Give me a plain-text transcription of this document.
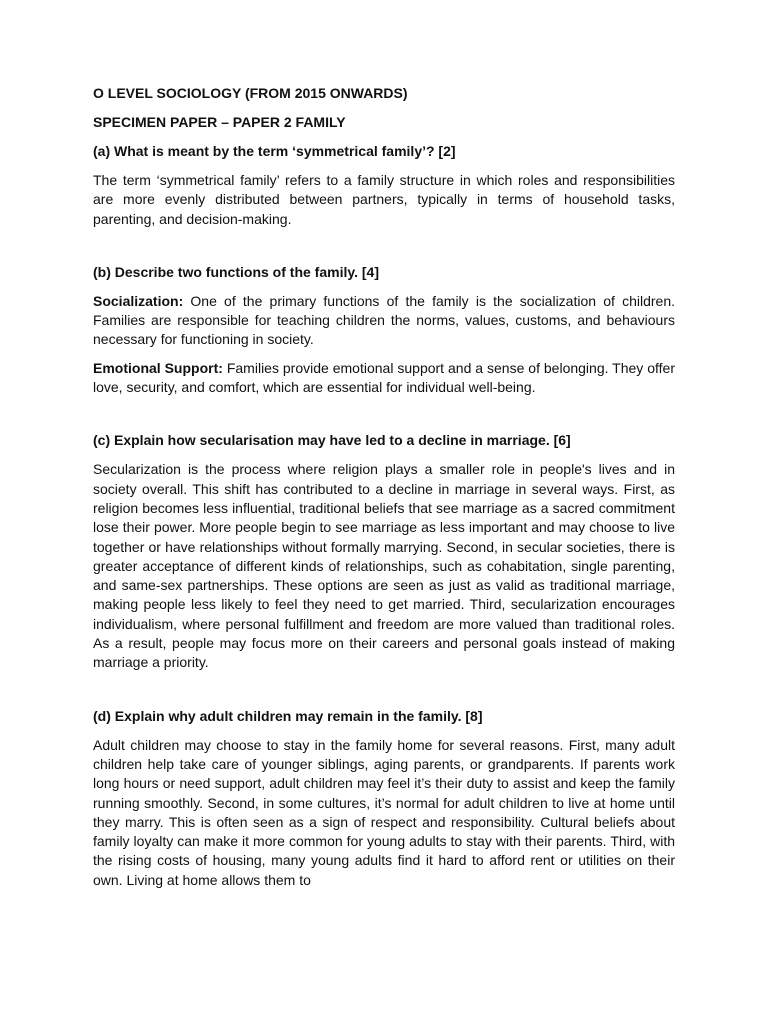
O LEVEL SOCIOLOGY (FROM 2015 ONWARDS)
SPECIMEN PAPER – PAPER 2 FAMILY
(a) What is meant by the term ‘symmetrical family’? [2]
The term ‘symmetrical family’ refers to a family structure in which roles and responsibilities are more evenly distributed between partners, typically in terms of household tasks, parenting, and decision-making.
(b) Describe two functions of the family. [4]
Socialization: One of the primary functions of the family is the socialization of children. Families are responsible for teaching children the norms, values, customs, and behaviours necessary for functioning in society.
Emotional Support: Families provide emotional support and a sense of belonging. They offer love, security, and comfort, which are essential for individual well-being.
(c) Explain how secularisation may have led to a decline in marriage. [6]
Secularization is the process where religion plays a smaller role in people's lives and in society overall. This shift has contributed to a decline in marriage in several ways. First, as religion becomes less influential, traditional beliefs that see marriage as a sacred commitment lose their power. More people begin to see marriage as less important and may choose to live together or have relationships without formally marrying. Second, in secular societies, there is greater acceptance of different kinds of relationships, such as cohabitation, single parenting, and same-sex partnerships. These options are seen as just as valid as traditional marriage, making people less likely to feel they need to get married. Third, secularization encourages individualism, where personal fulfillment and freedom are more valued than traditional roles. As a result, people may focus more on their careers and personal goals instead of making marriage a priority.
(d) Explain why adult children may remain in the family. [8]
Adult children may choose to stay in the family home for several reasons. First, many adult children help take care of younger siblings, aging parents, or grandparents. If parents work long hours or need support, adult children may feel it’s their duty to assist and keep the family running smoothly. Second, in some cultures, it’s normal for adult children to live at home until they marry. This is often seen as a sign of respect and responsibility. Cultural beliefs about family loyalty can make it more common for young adults to stay with their parents. Third, with the rising costs of housing, many young adults find it hard to afford rent or utilities on their own. Living at home allows them to
